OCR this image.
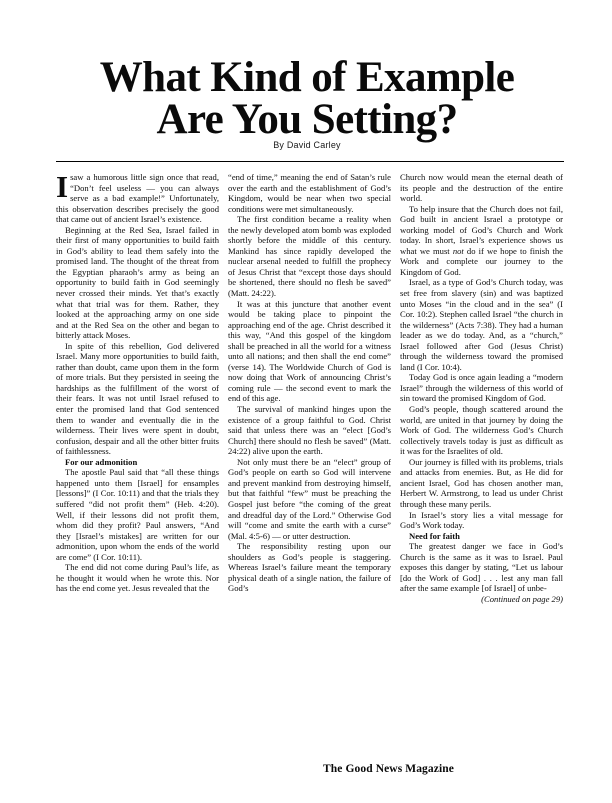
What Kind of Example
Are You Setting?
By David Carley

Isaw a humorous little sign once that read, “Don’t feel useless — you can always serve as a bad example!” Unfortunately, this observation describes precisely the good that came out of ancient Israel’s existence.

Beginning at the Red Sea, Israel failed in their first of many opportunities to build faith in God’s ability to lead them safely into the promised land. The thought of the threat from the Egyptian pharaoh’s army as being an opportunity to build faith in God seemingly never crossed their minds. Yet that’s exactly what that trial was for them. Rather, they looked at the approaching army on one side and at the Red Sea on the other and began to bitterly attack Moses.

In spite of this rebellion, God delivered Israel. Many more opportunities to build faith, rather than doubt, came upon them in the form of more trials. But they persisted in seeing the hardships as the fulfillment of the worst of their fears. It was not until Israel refused to enter the promised land that God sentenced them to wander and eventually die in the wilderness. Their lives were spent in doubt, confusion, despair and all the other bitter fruits of faithlessness.

For our admonition

The apostle Paul said that “all these things happened unto them [Israel] for ensamples [lessons]” (I Cor. 10:11) and that the trials they suffered “did not profit them” (Heb. 4:20). Well, if their lessons did not profit them, whom did they profit? Paul answers, “And they [Israel’s mistakes] are written for our admonition, upon whom the ends of the world are come” (I Cor. 10:11).

The end did not come during Paul’s life, as he thought it would when he wrote this. Nor has the end come yet. Jesus revealed that the

“end of time,” meaning the end of Satan’s rule over the earth and the establishment of God’s Kingdom, would be near when two special conditions were met simultaneously.

The first condition became a reality when the newly developed atom bomb was exploded shortly before the middle of this century. Mankind has since rapidly developed the nuclear arsenal needed to fulfill the prophecy of Jesus Christ that “except those days should be shortened, there should no flesh be saved” (Matt. 24:22).

It was at this juncture that another event would be taking place to pinpoint the approaching end of the age. Christ described it this way, “And this gospel of the kingdom shall be preached in all the world for a witness unto all nations; and then shall the end come” (verse 14). The Worldwide Church of God is now doing that Work of announcing Christ’s coming rule — the second event to mark the end of this age.

The survival of mankind hinges upon the existence of a group faithful to God. Christ said that unless there was an “elect [God’s Church] there should no flesh be saved” (Matt. 24:22) alive upon the earth.

Not only must there be an “elect” group of God’s people on earth so God will intervene and prevent mankind from destroying himself, but that faithful “few” must be preaching the Gospel just before “the coming of the great and dreadful day of the Lord.” Otherwise God will “come and smite the earth with a curse” (Mal. 4:5-6) — or utter destruction.

The responsibility resting upon our shoulders as God’s people is staggering. Whereas Israel’s failure meant the temporary physical death of a single nation, the failure of God’s

Church now would mean the eternal death of its people and the destruction of the entire world.

To help insure that the Church does not fail, God built in ancient Israel a prototype or working model of God’s Church and Work today. In short, Israel’s experience shows us what we must not do if we hope to finish the Work and complete our journey to the Kingdom of God.

Israel, as a type of God’s Church today, was set free from slavery (sin) and was baptized unto Moses “in the cloud and in the sea” (I Cor. 10:2). Stephen called Israel “the church in the wilderness” (Acts 7:38). They had a human leader as we do today. And, as a “church,” Israel followed after God (Jesus Christ) through the wilderness toward the promised land (I Cor. 10:4).

Today God is once again leading a “modern Israel” through the wilderness of this world of sin toward the promised Kingdom of God.

God’s people, though scattered around the world, are united in that journey by doing the Work of God. The wilderness God’s Church collectively travels today is just as difficult as it was for the Israelites of old.

Our journey is filled with its problems, trials and attacks from enemies. But, as He did for ancient Israel, God has chosen another man, Herbert W. Armstrong, to lead us under Christ through these many perils.

In Israel’s story lies a vital message for God’s Work today.

Need for faith

The greatest danger we face in God’s Church is the same as it was to Israel. Paul exposes this danger by stating, “Let us labour [do the Work of God] . . . lest any man fall after the same example [of Israel] of unbe-

(Continued on page 29)

The Good News Magazine
